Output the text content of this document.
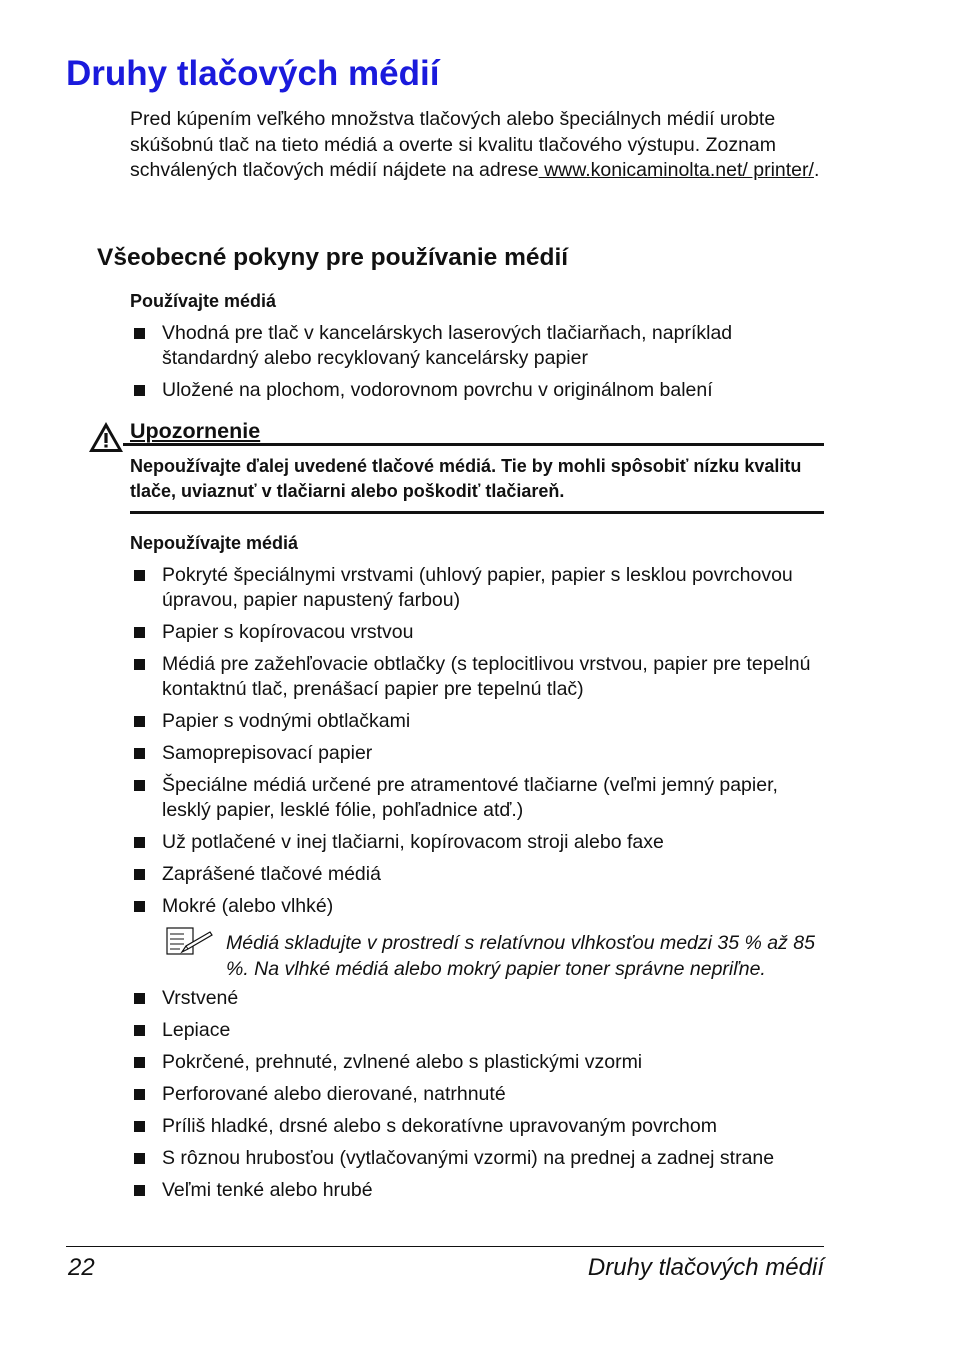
Druhy tlačových médií

Pred kúpením veľkého množstva tlačových alebo špeciálnych médií urobte skúšobnú tlač na tieto médiá a overte si kvalitu tlačového výstupu. Zoznam schválených tlačových médií nájdete na adrese www.konicaminolta.net/ printer/.

Všeobecné pokyny pre používanie médií

Používajte médiá

Vhodná pre tlač v kancelárskych laserových tlačiarňach, napríklad štandardný alebo recyklovaný kancelársky papier
Uložené na plochom, vodorovnom povrchu v originálnom balení

Upozornenie

Nepoužívajte ďalej uvedené tlačové médiá. Tie by mohli spôsobiť nízku kvalitu tlače, uviaznuť v tlačiarni alebo poškodiť tlačiareň.

Nepoužívajte médiá

Pokryté špeciálnymi vrstvami (uhlový papier, papier s lesklou povrchovou úpravou, papier napustený farbou)
Papier s kopírovacou vrstvou
Médiá pre zažehľovacie obtlačky (s teplocitlivou vrstvou, papier pre tepelnú kontaktnú tlač, prenášací papier pre tepelnú tlač)
Papier s vodnými obtlačkami
Samoprepisovací papier
Špeciálne médiá určené pre atramentové tlačiarne (veľmi jemný papier, lesklý papier, lesklé fólie, pohľadnice atď.)
Už potlačené v inej tlačiarni, kopírovacom stroji alebo faxe
Zaprášené tlačové médiá
Mokré (alebo vlhké)

Médiá skladujte v prostredí s relatívnou vlhkosťou medzi 35 % až 85 %. Na vlhké médiá alebo mokrý papier toner správne nepriľne.

Vrstvené
Lepiace
Pokrčené, prehnuté, zvlnené alebo s plastickými vzormi
Perforované alebo dierované, natrhnuté
Príliš hladké, drsné alebo s dekoratívne upravovaným povrchom
S rôznou hrubosťou (vytlačovanými vzormi) na prednej a zadnej strane
Veľmi tenké alebo hrubé
22	Druhy tlačových médií
